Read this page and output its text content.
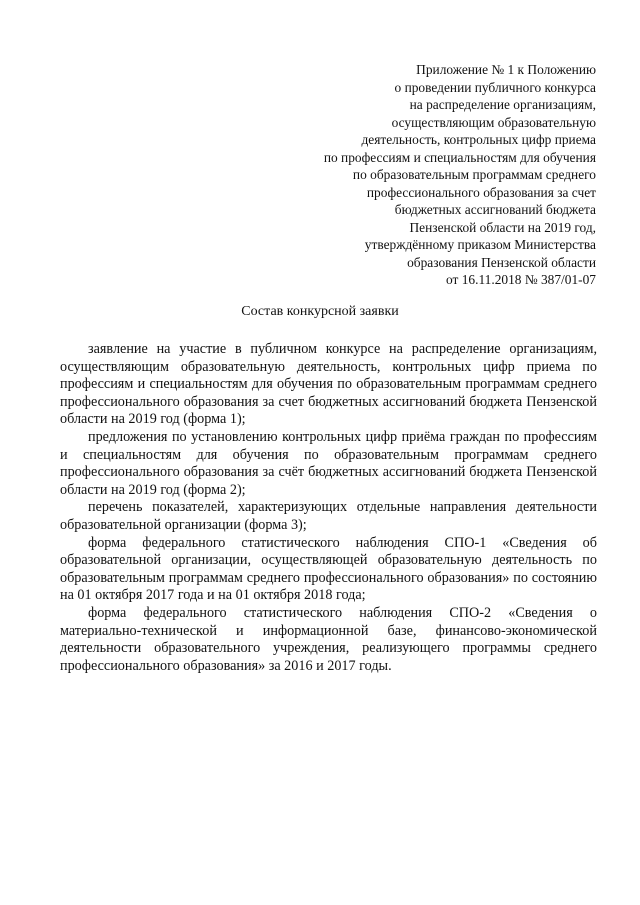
Приложение № 1 к Положению
о проведении публичного конкурса
на распределение организациям,
осуществляющим образовательную
деятельность, контрольных цифр приема
по профессиям и специальностям для обучения
по образовательным программам среднего
профессионального образования за счет
бюджетных ассигнований бюджета
Пензенской области на 2019 год,
утверждённому приказом Министерства
образования Пензенской области
от 16.11.2018 № 387/01-07
Состав конкурсной заявки

заявление на участие в публичном конкурсе на распределение организациям, осуществляющим образовательную деятельность, контрольных цифр приема по профессиям и специальностям для обучения по образовательным программам среднего профессионального образования за счет бюджетных ассигнований бюджета Пензенской области на 2019 год (форма 1);

предложения по установлению контрольных цифр приёма граждан по профессиям и специальностям для обучения по образовательным программам среднего профессионального образования за счёт бюджетных ассигнований бюджета Пензенской области на 2019 год (форма 2);

перечень показателей, характеризующих отдельные направления деятельности образовательной организации (форма 3);

форма федерального статистического наблюдения СПО-1 «Сведения об образовательной организации, осуществляющей образовательную деятельность по образовательным программам среднего профессионального образования» по состоянию на 01 октября 2017 года и на 01 октября 2018 года;

форма федерального статистического наблюдения СПО-2 «Сведения о материально-технической и информационной базе, финансово-экономической деятельности образовательного учреждения, реализующего программы среднего профессионального образования» за 2016 и 2017 годы.
